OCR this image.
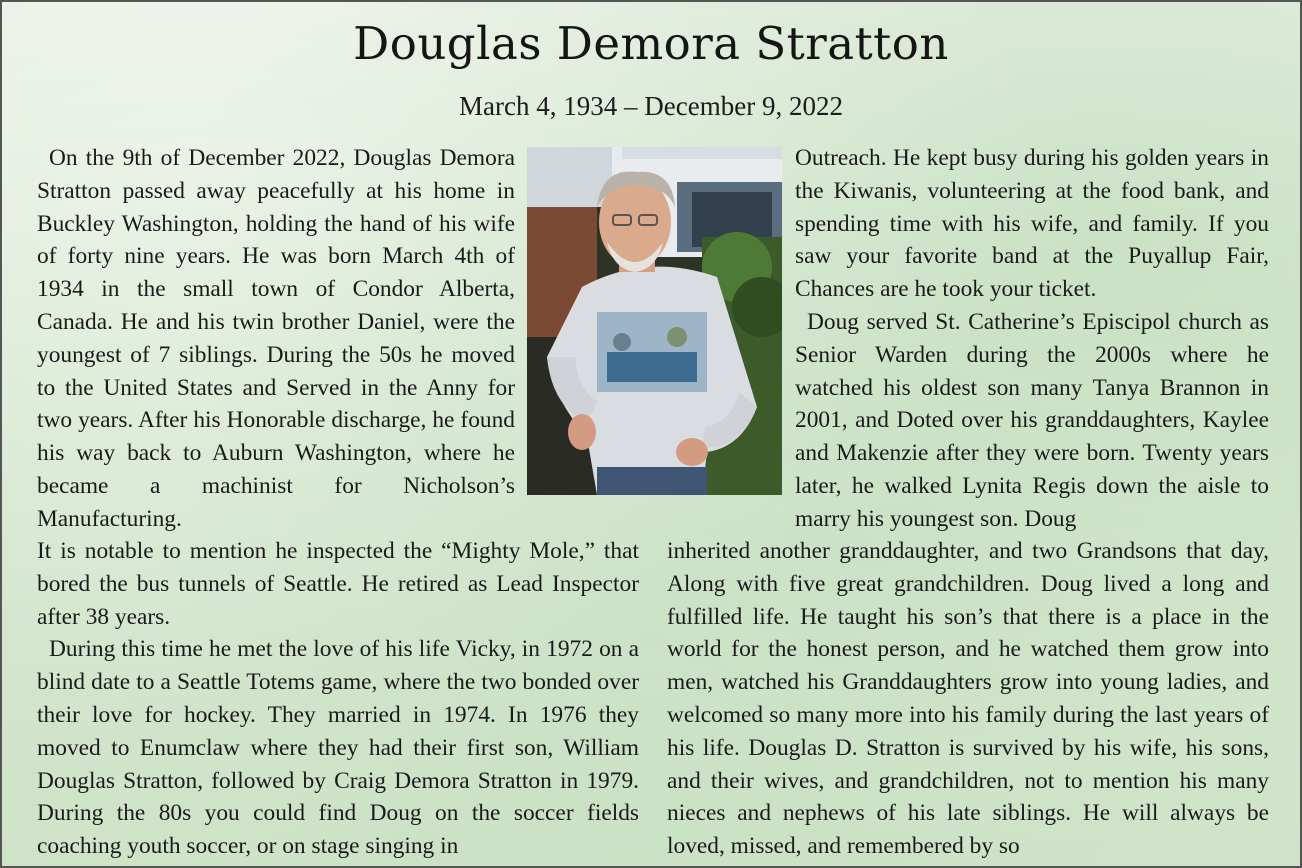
Douglas Demora Stratton
March 4, 1934 – December 9, 2022

On the 9th of December 2022, Douglas Demora Stratton passed away peacefully at his home in Buckley Washington, holding the hand of his wife of forty nine years. He was born March 4th of 1934 in the small town of Condor Alberta, Canada. He and his twin brother Daniel, were the youngest of 7 siblings. During the 50s he moved to the United States and Served in the Anny for two years. After his Honorable discharge, he found his way back to Auburn Washington, where he became a machinist for Nicholson’s Manufacturing.

Outreach. He kept busy during his golden years in the Kiwanis, volunteering at the food bank, and spending time with his wife, and family. If you saw your favorite band at the Puyallup Fair, Chances are he took your ticket.

Doug served St. Catherine’s Episcipol church as Senior Warden during the 2000s where he watched his oldest son many Tanya Brannon in 2001, and Doted over his granddaughters, Kaylee and Makenzie after they were born. Twenty years later, he walked Lynita Regis down the aisle to marry his youngest son. Doug

It is notable to mention he inspected the “Mighty Mole,” that bored the bus tunnels of Seattle. He retired as Lead Inspector after 38 years.

During this time he met the love of his life Vicky, in 1972 on a blind date to a Seattle Totems game, where the two bonded over their love for hockey. They married in 1974. In 1976 they moved to Enumclaw where they had their first son, William Douglas Stratton, followed by Craig Demora Stratton in 1979. During the 80s you could find Doug on the soccer fields coaching youth soccer, or on stage singing in

inherited another granddaughter, and two Grandsons that day, Along with five great grandchildren. Doug lived a long and fulfilled life. He taught his son’s that there is a place in the world for the honest person, and he watched them grow into men, watched his Granddaughters grow into young ladies, and welcomed so many more into his family during the last years of his life. Douglas D. Stratton is survived by his wife, his sons, and their wives, and grandchildren, not to mention his many nieces and nephews of his late siblings. He will always be loved, missed, and remembered by so
